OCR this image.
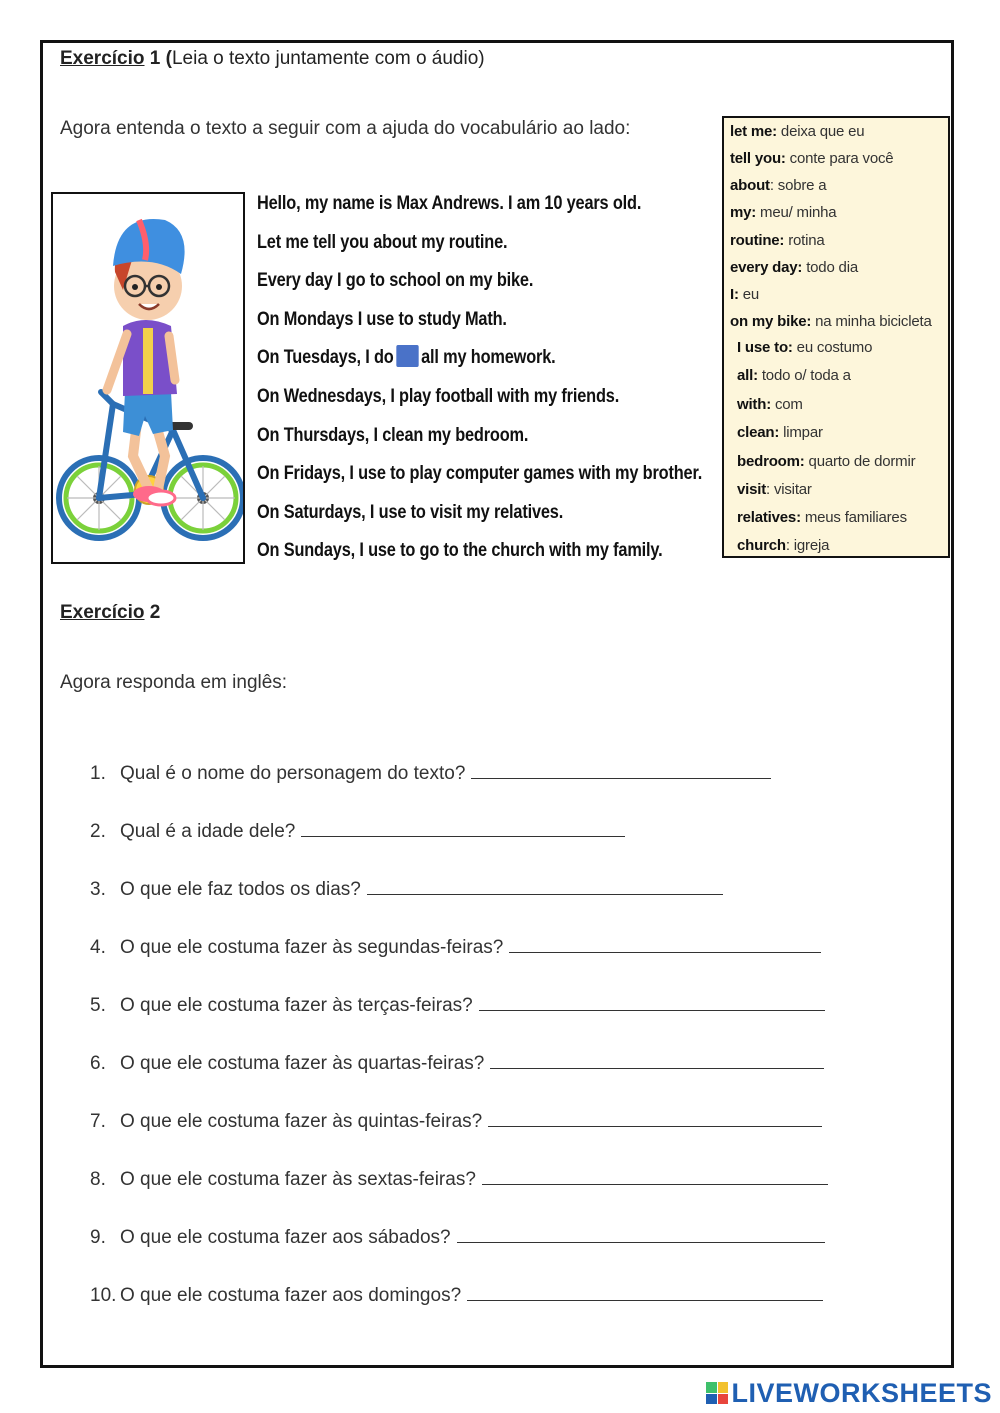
Exercício 1 (Leia o texto juntamente com o áudio)
Agora entenda o texto a seguir com a ajuda do vocabulário ao lado:
Hello, my name is Max Andrews. I am 10 years old.
Let me tell you about my routine.
Every day I go to school on my bike.
On Mondays I use to study Math.
On Tuesdays, I do all my homework.
On Wednesdays, I play football with my friends.
On Thursdays, I clean my bedroom.
On Fridays, I use to play computer games with my brother.
On Saturdays, I use to visit my relatives.
On Sundays, I use to go to the church with my family.
let me: deixa que eu
tell you: conte para você
about: sobre a
my: meu/ minha
routine: rotina
every day: todo dia
I: eu
on my bike: na minha bicicleta
I use to: eu costumo
all: todo o/ toda a
with: com
clean: limpar
bedroom: quarto de dormir
visit: visitar
relatives: meus familiares
church: igreja
Exercício 2
Agora responda em inglês:
1. Qual é o nome do personagem do texto?
2. Qual é a idade dele?
3. O que ele faz todos os dias?
4. O que ele costuma fazer às segundas-feiras?
5. O que ele costuma fazer às terças-feiras?
6. O que ele costuma fazer às quartas-feiras?
7. O que ele costuma fazer às quintas-feiras?
8. O que ele costuma fazer às sextas-feiras?
9. O que ele costuma fazer aos sábados?
10. O que ele costuma fazer aos domingos?
LIVEWORKSHEETS
